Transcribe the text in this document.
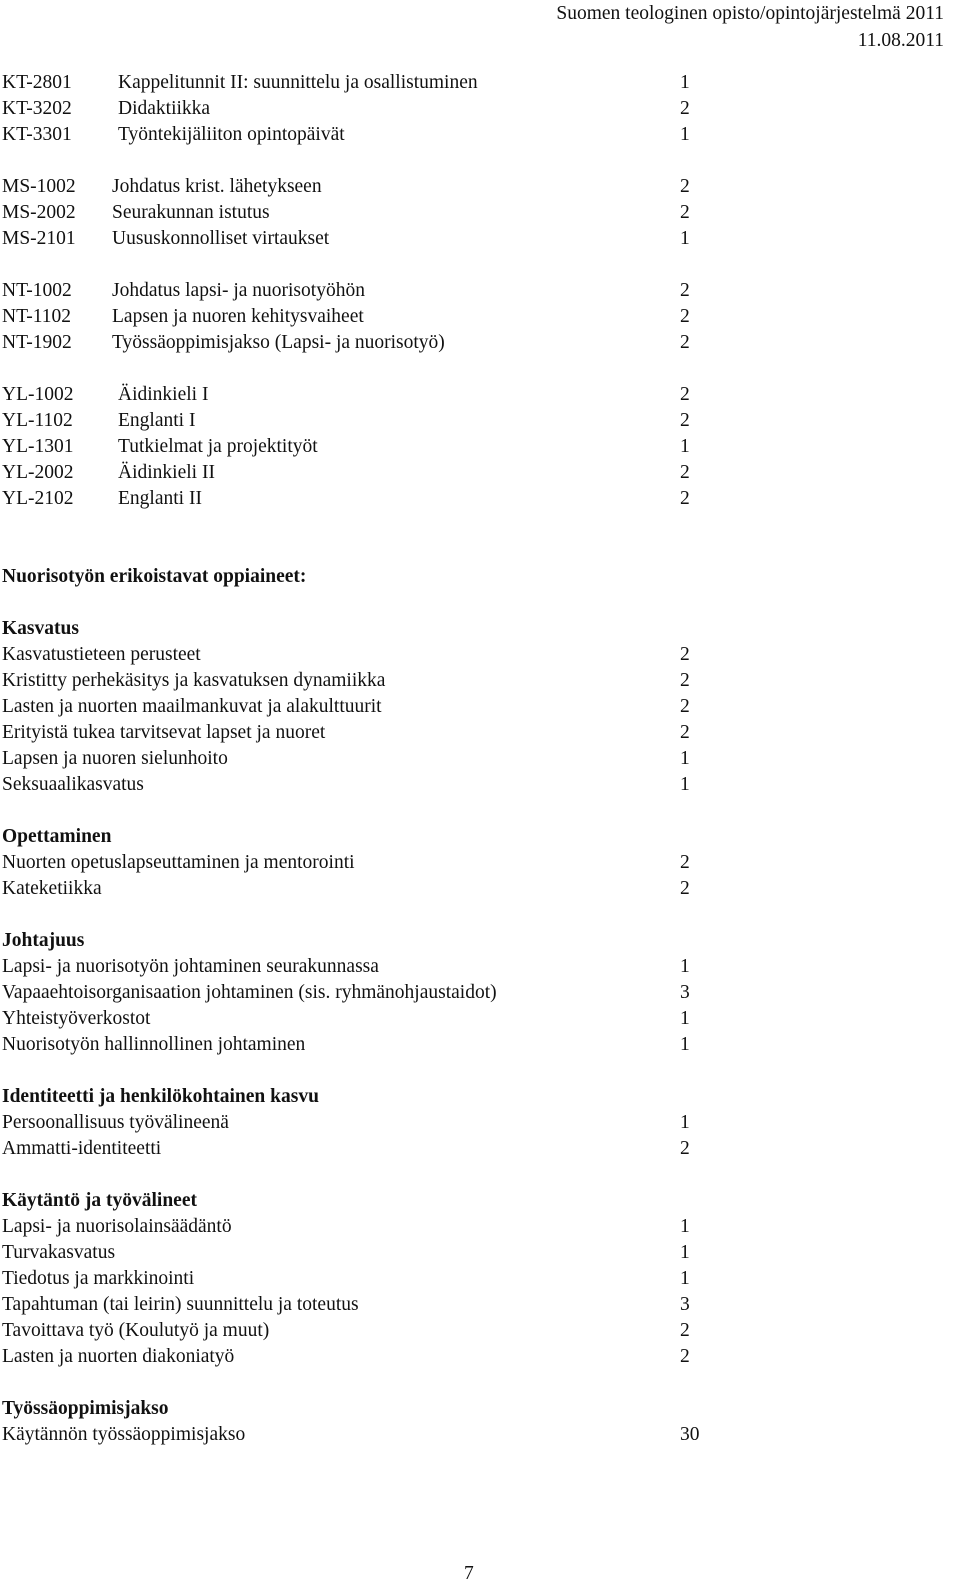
Suomen teologinen opisto/opintojärjestelmä 2011
11.08.2011
KT-2801 Kappelitunnit II: suunnittelu ja osallistuminen	1
KT-3202 Didaktiikka	2
KT-3301 Työntekijäliiton opintopäivät	1
MS-1002 Johdatus krist. lähetykseen	2
MS-2002 Seurakunnan istutus	2
MS-2101 Uususkonnolliset virtaukset	1
NT-1002 Johdatus lapsi- ja nuorisotyöhön	2
NT-1102 Lapsen ja nuoren kehitysvaiheet	2
NT-1902 Työssäoppimisjakso (Lapsi- ja nuorisotyö)	2
YL-1002 Äidinkieli I	2
YL-1102 Englanti I	2
YL-1301 Tutkielmat ja projektityöt	1
YL-2002 Äidinkieli II	2
YL-2102 Englanti II	2
Nuorisotyön erikoistavat oppiaineet:
Kasvatus
Kasvatustieteen perusteet	2
Kristitty perhekäsitys ja kasvatuksen dynamiikka	2
Lasten ja nuorten maailmankuvat ja alakulttuurit	2
Erityistä tukea tarvitsevat lapset ja nuoret	2
Lapsen ja nuoren sielunhoito	1
Seksuaalikasvatus	1
Opettaminen
Nuorten opetuslapseuttaminen ja mentorointi	2
Kateketiikka	2
Johtajuus
Lapsi- ja nuorisotyön johtaminen seurakunnassa	1
Vapaaehtoisorganisaation johtaminen (sis. ryhmänohjaustaidot)	3
Yhteistyöverkostot	1
Nuorisotyön hallinnollinen johtaminen	1
Identiteetti ja henkilökohtainen kasvu
Persoonallisuus työvälineenä	1
Ammatti-identiteetti	2
Käytäntö ja työvälineet
Lapsi- ja nuorisolainsäädäntö	1
Turvakasvatus	1
Tiedotus ja markkinointi	1
Tapahtuman (tai leirin) suunnittelu ja toteutus	3
Tavoittava työ (Koulutyö ja muut)	2
Lasten ja nuorten diakoniatyö	2
Työssäoppimisjakso
Käytännön työssäoppimisjakso	30
7
